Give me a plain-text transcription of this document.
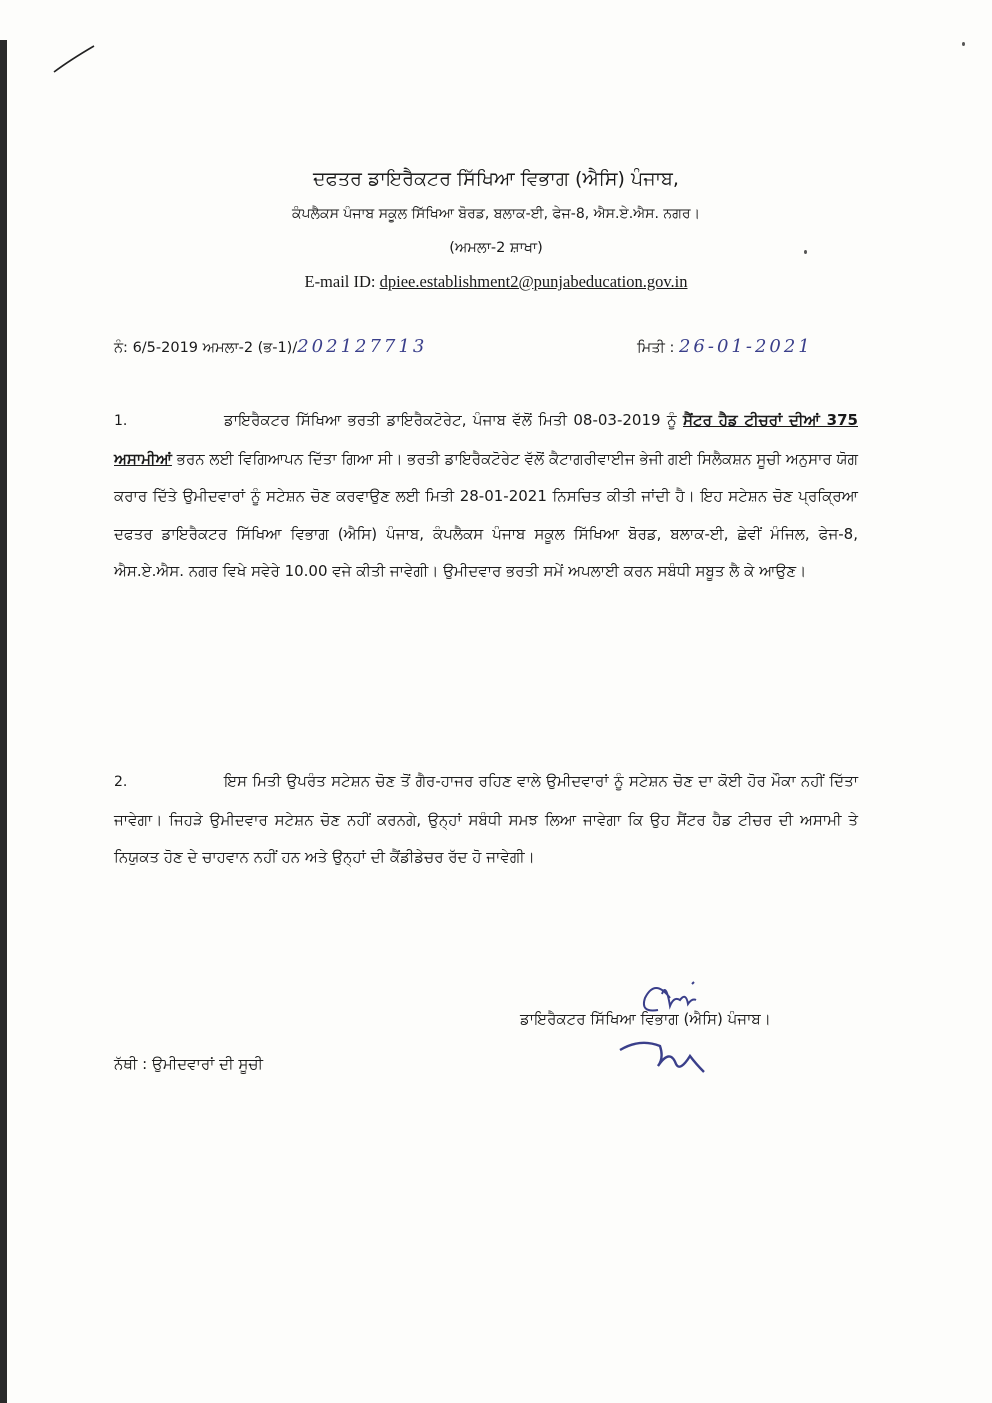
ਦਫਤਰ ਡਾਇਰੈਕਟਰ ਸਿੱਖਿਆ ਵਿਭਾਗ (ਐਸਿ) ਪੰਜਾਬ,
ਕੰਪਲੈਕਸ ਪੰਜਾਬ ਸਕੂਲ ਸਿੱਖਿਆ ਬੋਰਡ, ਬਲਾਕ-ਈ, ਫੇਜ-8, ਐਸ.ਏ.ਐਸ. ਨਗਰ।
(ਅਮਲਾ-2 ਸ਼ਾਖਾ)
E-mail ID: dpiee.establishment2@punjabeducation.gov.in
ਨੰ: 6/5-2019 ਅਮਲਾ-2 (ਭ-1)/202127713	ਮਿਤੀ : 26-01-2021
1.	ਡਾਇਰੈਕਟਰ ਸਿੱਖਿਆ ਭਰਤੀ ਡਾਇਰੈਕਟੋਰੇਟ, ਪੰਜਾਬ ਵੱਲੋਂ ਮਿਤੀ 08-03-2019 ਨੂੰ ਸੈਂਟਰ ਹੈਡ ਟੀਚਰਾਂ ਦੀਆਂ 375 ਅਸਾਮੀਆਂ ਭਰਨ ਲਈ ਵਿਗਿਆਪਨ ਦਿੱਤਾ ਗਿਆ ਸੀ। ਭਰਤੀ ਡਾਇਰੈਕਟੋਰੇਟ ਵੱਲੋਂ ਕੈਟਾਗਰੀਵਾਈਜ ਭੇਜੀ ਗਈ ਸਿਲੈਕਸ਼ਨ ਸੂਚੀ ਅਨੁਸਾਰ ਯੋਗ ਕਰਾਰ ਦਿੱਤੇ ਉਮੀਦਵਾਰਾਂ ਨੂੰ ਸਟੇਸ਼ਨ ਚੋਣ ਕਰਵਾਉਣ ਲਈ ਮਿਤੀ 28-01-2021 ਨਿਸਚਿਤ ਕੀਤੀ ਜਾਂਦੀ ਹੈ। ਇਹ ਸਟੇਸ਼ਨ ਚੋਣ ਪ੍ਰਕ੍ਰਿਆ ਦਫਤਰ ਡਾਇਰੈਕਟਰ ਸਿੱਖਿਆ ਵਿਭਾਗ (ਐਸਿ) ਪੰਜਾਬ, ਕੰਪਲੈਕਸ ਪੰਜਾਬ ਸਕੂਲ ਸਿੱਖਿਆ ਬੋਰਡ, ਬਲਾਕ-ਈ, ਛੇਵੀਂ ਮੰਜਿਲ, ਫੇਜ-8, ਐਸ.ਏ.ਐਸ. ਨਗਰ ਵਿਖੇ ਸਵੇਰੇ 10.00 ਵਜੇ ਕੀਤੀ ਜਾਵੇਗੀ। ਉਮੀਦਵਾਰ ਭਰਤੀ ਸਮੇਂ ਅਪਲਾਈ ਕਰਨ ਸਬੰਧੀ ਸਬੂਤ ਲੈ ਕੇ ਆਉਣ।
2.	ਇਸ ਮਿਤੀ ਉਪਰੰਤ ਸਟੇਸ਼ਨ ਚੋਣ ਤੋਂ ਗੈਰ-ਹਾਜਰ ਰਹਿਣ ਵਾਲੇ ਉਮੀਦਵਾਰਾਂ ਨੂੰ ਸਟੇਸ਼ਨ ਚੋਣ ਦਾ ਕੋਈ ਹੋਰ ਮੌਕਾ ਨਹੀਂ ਦਿੱਤਾ ਜਾਵੇਗਾ। ਜਿਹੜੇ ਉਮੀਦਵਾਰ ਸਟੇਸ਼ਨ ਚੋਣ ਨਹੀਂ ਕਰਨਗੇ, ਉਨ੍ਹਾਂ ਸਬੰਧੀ ਸਮਝ ਲਿਆ ਜਾਵੇਗਾ ਕਿ ਉਹ ਸੈਂਟਰ ਹੈਡ ਟੀਚਰ ਦੀ ਅਸਾਮੀ ਤੇ ਨਿਯੁਕਤ ਹੋਣ ਦੇ ਚਾਹਵਾਨ ਨਹੀਂ ਹਨ ਅਤੇ ਉਨ੍ਹਾਂ ਦੀ ਕੈਂਡੀਡੇਚਰ ਰੱਦ ਹੋ ਜਾਵੇਗੀ।
ਡਾਇਰੈਕਟਰ ਸਿੱਖਿਆ ਵਿਭਾਗ (ਐਸਿ) ਪੰਜਾਬ।
ਨੱਥੀ : ਉਮੀਦਵਾਰਾਂ ਦੀ ਸੂਚੀ
